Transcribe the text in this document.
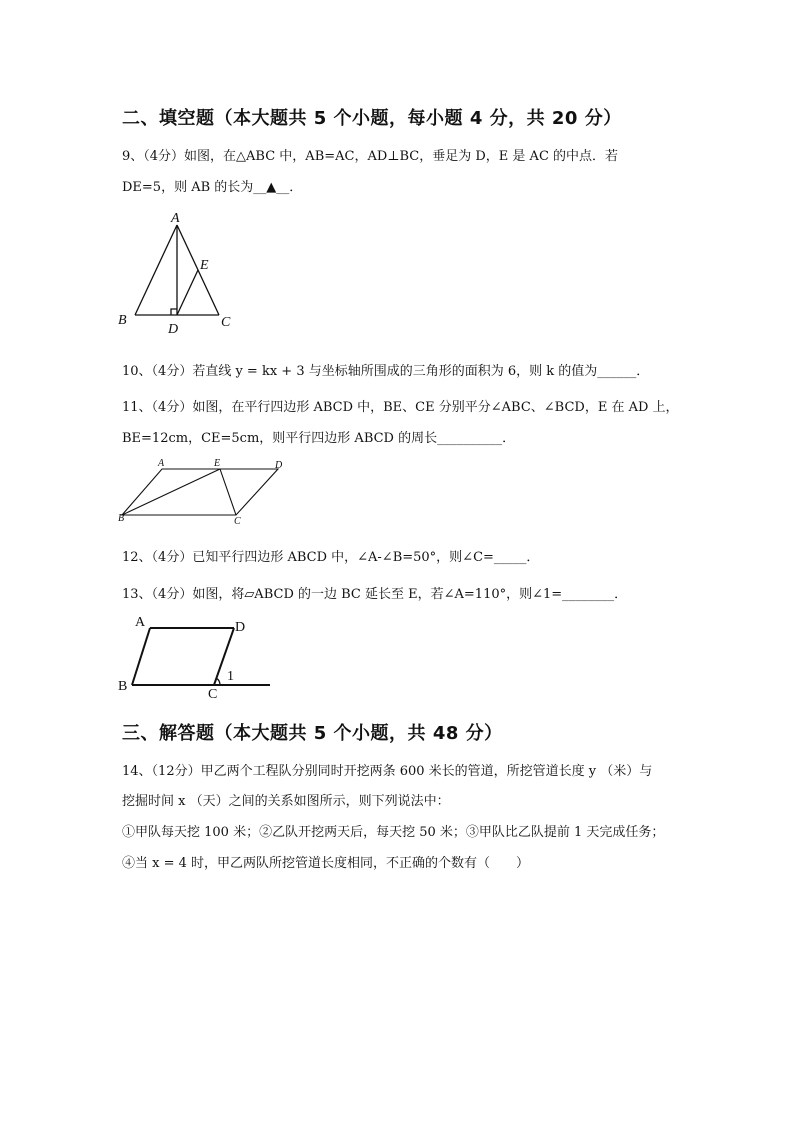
二、填空题（本大题共 5 个小题，每小题 4 分，共 20 分）
9、（4分）如图，在△ABC 中，AB=AC，AD⊥BC，垂足为 D，E 是 AC 的中点．若
DE=5，则 AB 的长为__▲__．
A
B	C
D
E
10、（4分）若直线 y = kx + 3 与坐标轴所围成的三角形的面积为 6，则 k 的值为______．
11、（4分）如图，在平行四边形 ABCD 中，BE、CE 分别平分∠ABC、∠BCD，E 在 AD 上，
BE=12cm，CE=5cm，则平行四边形 ABCD 的周长__________．
A	E	D
B	C
12、（4分）已知平行四边形 ABCD 中，∠A-∠B=50°，则∠C=_____．
13、（4分）如图，将▱ABCD 的一边 BC 延长至 E，若∠A=110°，则∠1=________．
A	D
B
C
1
三、解答题（本大题共 5 个小题，共 48 分）
14、（12分）甲乙两个工程队分别同时开挖两条 600 米长的管道，所挖管道长度 y （米）与
挖掘时间 x （天）之间的关系如图所示，则下列说法中：
①甲队每天挖 100 米；②乙队开挖两天后，每天挖 50 米；③甲队比乙队提前 1 天完成任务；
④当 x = 4 时，甲乙两队所挖管道长度相同，不正确的个数有（　　）
